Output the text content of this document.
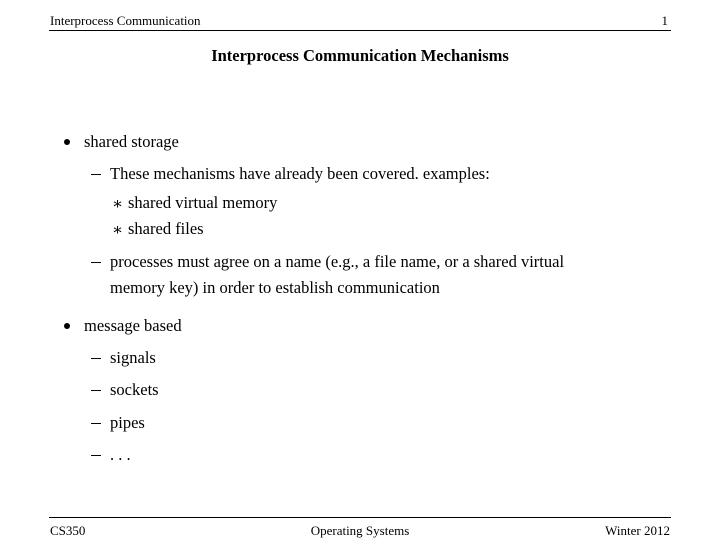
Interprocess Communication	1
Interprocess Communication Mechanisms
shared storage
These mechanisms have already been covered. examples:
∗ shared virtual memory
∗ shared files
processes must agree on a name (e.g., a file name, or a shared virtual
memory key) in order to establish communication
message based
signals
sockets
pipes
. . .
CS350	Operating Systems	Winter 2012
